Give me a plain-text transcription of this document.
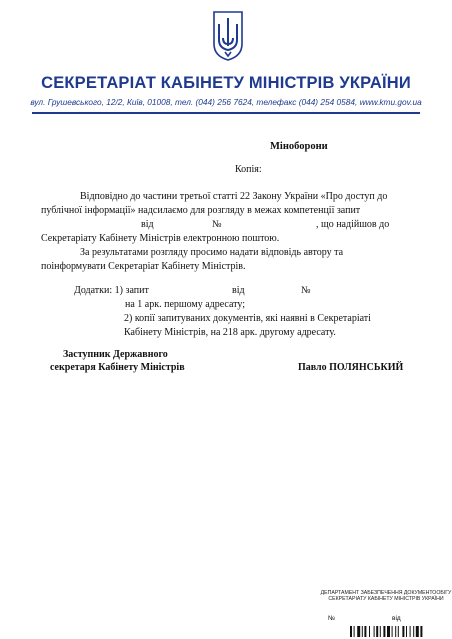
СЕКРЕТАРІАТ КАБІНЕТУ МІНІСТРІВ УКРАЇНИ
вул. Грушевського, 12/2, Київ, 01008, тел. (044) 256 7624, телефакс (044) 254 0584, www.kmu.gov.ua
Міноборони
Копія:
Відповідно до частини третьої статті 22 Закону України «Про доступ до
публічної інформації» надсилаємо для розгляду в межах компетенції запит
від	№	, що надійшов до
Секретаріату Кабінету Міністрів електронною поштою.
За результатами розгляду просимо надати відповідь автору та
поінформувати Секретаріат Кабінету Міністрів.
Додатки: 1) запит	від	№
на 1 арк. першому адресату;
2) копії запитуваних документів, які наявні в Секретаріаті
Кабінету Міністрів, на 218 арк. другому адресату.
Заступник Державного
секретаря Кабінету Міністрів	Павло ПОЛЯНСЬКИЙ
ДЕПАРТАМЕНТ ЗАБЕЗПЕЧЕННЯ ДОКУМЕНТООБІГУ СЕКРЕТАРІАТУ КАБІНЕТУ МІНІСТРІВ УКРАЇНИ
№	від
